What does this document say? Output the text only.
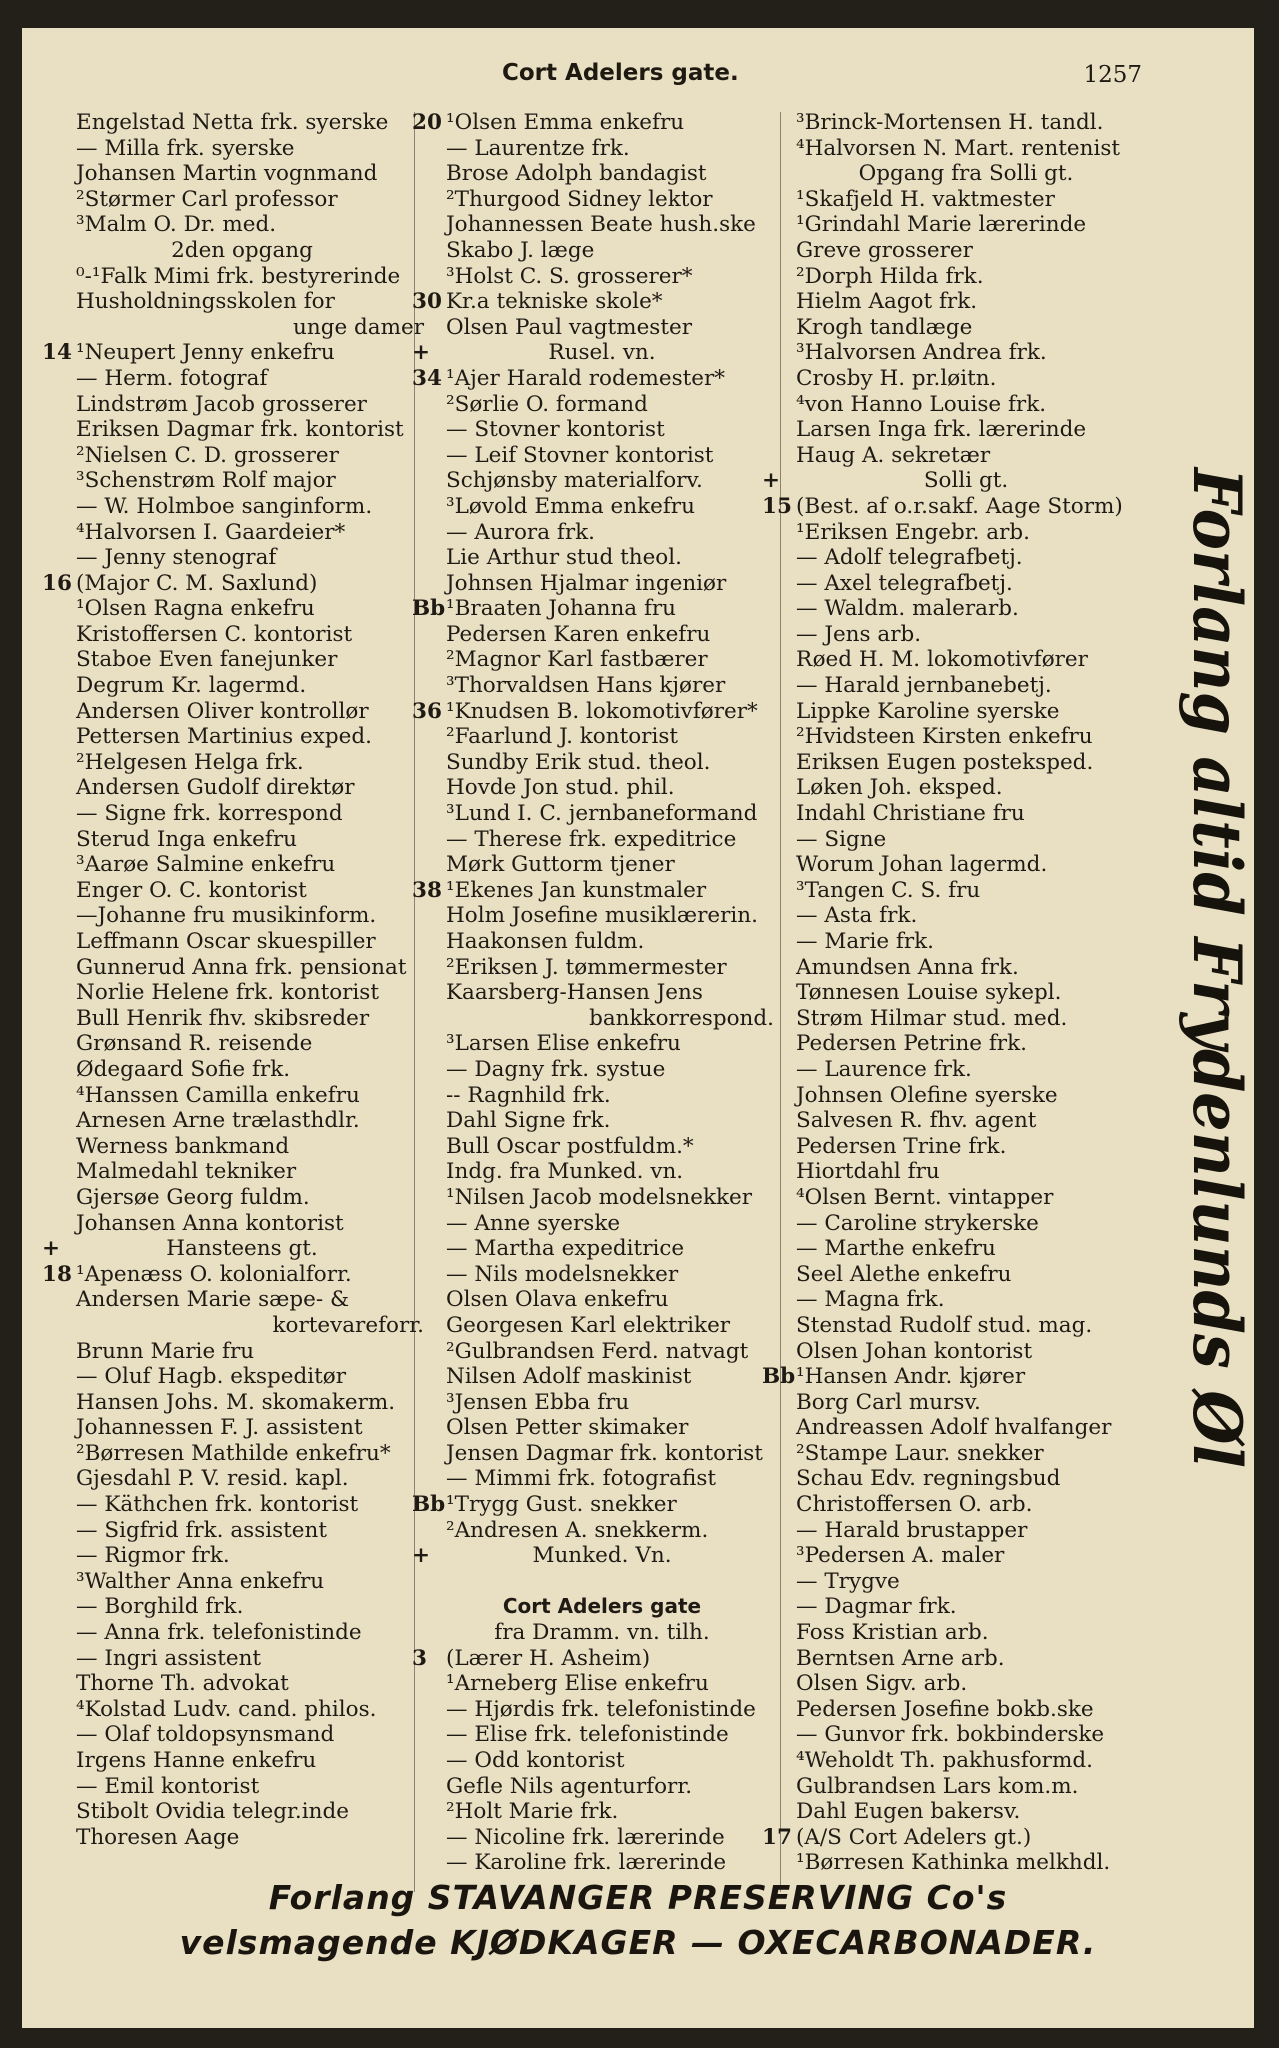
Cort Adelers gate.	1257
Engelstad Netta frk. syerske
— Milla frk. syerske
Johansen Martin vognmand
²Størmer Carl professor
³Malm O. Dr. med.
2den opgang
⁰-¹Falk Mimi frk. bestyrerinde
Husholdningsskolen for
unge damer
14 ¹Neupert Jenny enkefru
— Herm. fotograf
Lindstrøm Jacob grosserer
Eriksen Dagmar frk. kontorist
²Nielsen C. D. grosserer
³Schenstrøm Rolf major
— W. Holmboe sanginform.
⁴Halvorsen I. Gaardeier*
— Jenny stenograf
16 (Major C. M. Saxlund)
¹Olsen Ragna enkefru
Kristoffersen C. kontorist
Staboe Even fanejunker
Degrum Kr. lagermd.
Andersen Oliver kontrollør
Pettersen Martinius exped.
²Helgesen Helga frk.
Andersen Gudolf direktør
— Signe frk. korrespond
Sterud Inga enkefru
³Aarøe Salmine enkefru
Enger O. C. kontorist
—Johanne fru musikinform.
Leffmann Oscar skuespiller
Gunnerud Anna frk. pensionat
Norlie Helene frk. kontorist
Bull Henrik fhv. skibsreder
Grønsand R. reisende
Ødegaard Sofie frk.
⁴Hanssen Camilla enkefru
Arnesen Arne trælasthdlr.
Werness bankmand
Malmedahl tekniker
Gjersøe Georg fuldm.
Johansen Anna kontorist
+	Hansteens gt.
18 ¹Apenæss O. kolonialforr.
Andersen Marie sæpe- &
kortevareforr.
Brunn Marie fru
— Oluf Hagb. ekspeditør
Hansen Johs. M. skomakerm.
Johannessen F. J. assistent
²Børresen Mathilde enkefru*
Gjesdahl P. V. resid. kapl.
— Käthchen frk. kontorist
— Sigfrid frk. assistent
— Rigmor frk.
³Walther Anna enkefru
— Borghild frk.
— Anna frk. telefonistinde
— Ingri assistent
Thorne Th. advokat
⁴Kolstad Ludv. cand. philos.
— Olaf toldopsynsmand
Irgens Hanne enkefru
— Emil kontorist
Stibolt Ovidia telegr.inde
Thoresen Aage
20 ¹Olsen Emma enkefru
— Laurentze frk.
Brose Adolph bandagist
²Thurgood Sidney lektor
Johannessen Beate hush.ske
Skabo J. læge
³Holst C. S. grosserer*
30 Kr.a tekniske skole*
Olsen Paul vagtmester
+	Rusel. vn.
34 ¹Ajer Harald rodemester*
²Sørlie O. formand
— Stovner kontorist
— Leif Stovner kontorist
Schjønsby materialforv.
³Løvold Emma enkefru
— Aurora frk.
Lie Arthur stud theol.
Johnsen Hjalmar ingeniør
Bb¹Braaten Johanna fru
Pedersen Karen enkefru
²Magnor Karl fastbærer
³Thorvaldsen Hans kjører
36 ¹Knudsen B. lokomotivfører*
²Faarlund J. kontorist
Sundby Erik stud. theol.
Hovde Jon stud. phil.
³Lund I. C. jernbaneformand
— Therese frk. expeditrice
Mørk Guttorm tjener
38 ¹Ekenes Jan kunstmaler
Holm Josefine musiklærerin.
Haakonsen fuldm.
²Eriksen J. tømmermester
Kaarsberg-Hansen Jens
bankkorrespond.
³Larsen Elise enkefru
— Dagny frk. systue
-- Ragnhild frk.
Dahl Signe frk.
Bull Oscar postfuldm.*
Indg. fra Munked. vn.
¹Nilsen Jacob modelsnekker
— Anne syerske
— Martha expeditrice
— Nils modelsnekker
Olsen Olava enkefru
Georgesen Karl elektriker
²Gulbrandsen Ferd. natvagt
Nilsen Adolf maskinist
³Jensen Ebba fru
Olsen Petter skimaker
Jensen Dagmar frk. kontorist
— Mimmi frk. fotografist
Bb¹Trygg Gust. snekker
²Andresen A. snekkerm.
+	Munked. Vn.
Cort Adelers gate
fra Dramm. vn. tilh.
3 (Lærer H. Asheim)
¹Arneberg Elise enkefru
— Hjørdis frk. telefonistinde
— Elise frk. telefonistinde
— Odd kontorist
Gefle Nils agenturforr.
²Holt Marie frk.
— Nicoline frk. lærerinde
— Karoline frk. lærerinde
³Brinck-Mortensen H. tandl.
⁴Halvorsen N. Mart. rentenist
Opgang fra Solli gt.
¹Skafjeld H. vaktmester
¹Grindahl Marie lærerinde
Greve grosserer
²Dorph Hilda frk.
Hielm Aagot frk.
Krogh tandlæge
³Halvorsen Andrea frk.
Crosby H. pr.løitn.
⁴von Hanno Louise frk.
Larsen Inga frk. lærerinde
Haug A. sekretær
+	Solli gt.
15 (Best. af o.r.sakf. Aage Storm)
¹Eriksen Engebr. arb.
— Adolf telegrafbetj.
— Axel telegrafbetj.
— Waldm. malerarb.
— Jens arb.
Røed H. M. lokomotivfører
— Harald jernbanebetj.
Lippke Karoline syerske
²Hvidsteen Kirsten enkefru
Eriksen Eugen posteksped.
Løken Joh. eksped.
Indahl Christiane fru
— Signe
Worum Johan lagermd.
³Tangen C. S. fru
— Asta frk.
— Marie frk.
Amundsen Anna frk.
Tønnesen Louise sykepl.
Strøm Hilmar stud. med.
Pedersen Petrine frk.
— Laurence frk.
Johnsen Olefine syerske
Salvesen R. fhv. agent
Pedersen Trine frk.
Hiortdahl fru
⁴Olsen Bernt. vintapper
— Caroline strykerske
— Marthe enkefru
Seel Alethe enkefru
— Magna frk.
Stenstad Rudolf stud. mag.
Olsen Johan kontorist
Bb¹Hansen Andr. kjører
Borg Carl mursv.
Andreassen Adolf hvalfanger
²Stampe Laur. snekker
Schau Edv. regningsbud
Christoffersen O. arb.
— Harald brustapper
³Pedersen A. maler
— Trygve
— Dagmar frk.
Foss Kristian arb.
Berntsen Arne arb.
Olsen Sigv. arb.
Pedersen Josefine bokb.ske
— Gunvor frk. bokbinderske
⁴Weholdt Th. pakhusformd.
Gulbrandsen Lars kom.m.
Dahl Eugen bakersv.
17 (A/S Cort Adelers gt.)
¹Børresen Kathinka melkhdl.
Forlang altid Frydenlunds Øl
Forlang STAVANGER PRESERVING Co's
velsmagende KJØDKAGER — OXECARBONADER.
